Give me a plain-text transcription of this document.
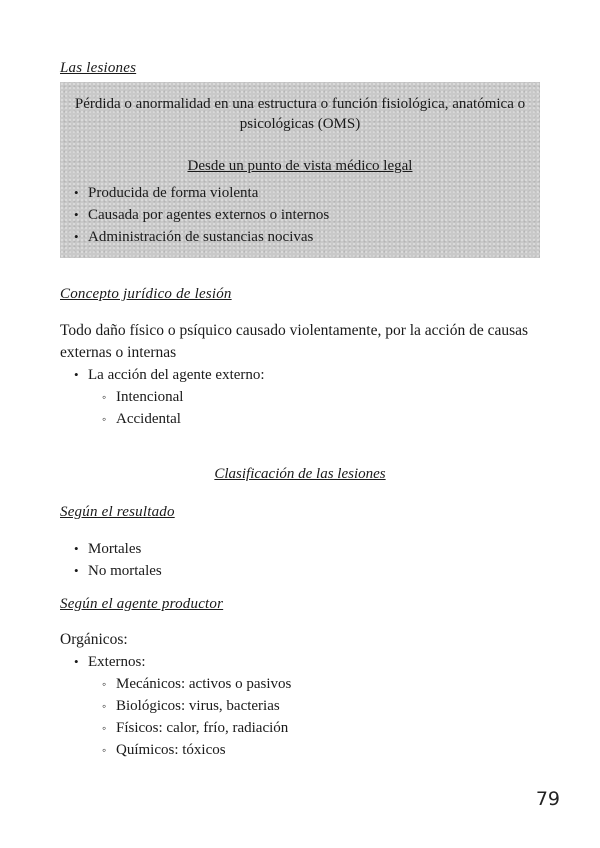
Las lesiones
Pérdida o anormalidad en una estructura o función fisiológica, anatómica o psicológicas (OMS)
Desde un punto de vista médico legal
• Producida de forma violenta
• Causada por agentes externos o internos
• Administración de sustancias nocivas
Concepto jurídico de lesión
Todo daño físico o psíquico causado violentamente, por la acción de causas externas o internas
• La acción del agente externo:
◦ Intencional
◦ Accidental
Clasificación de las lesiones
Según el resultado
• Mortales
• No mortales
Según el agente productor
Orgánicos:
• Externos:
◦ Mecánicos: activos o pasivos
◦ Biológicos: virus, bacterias
◦ Físicos: calor, frío, radiación
◦ Químicos: tóxicos
79
